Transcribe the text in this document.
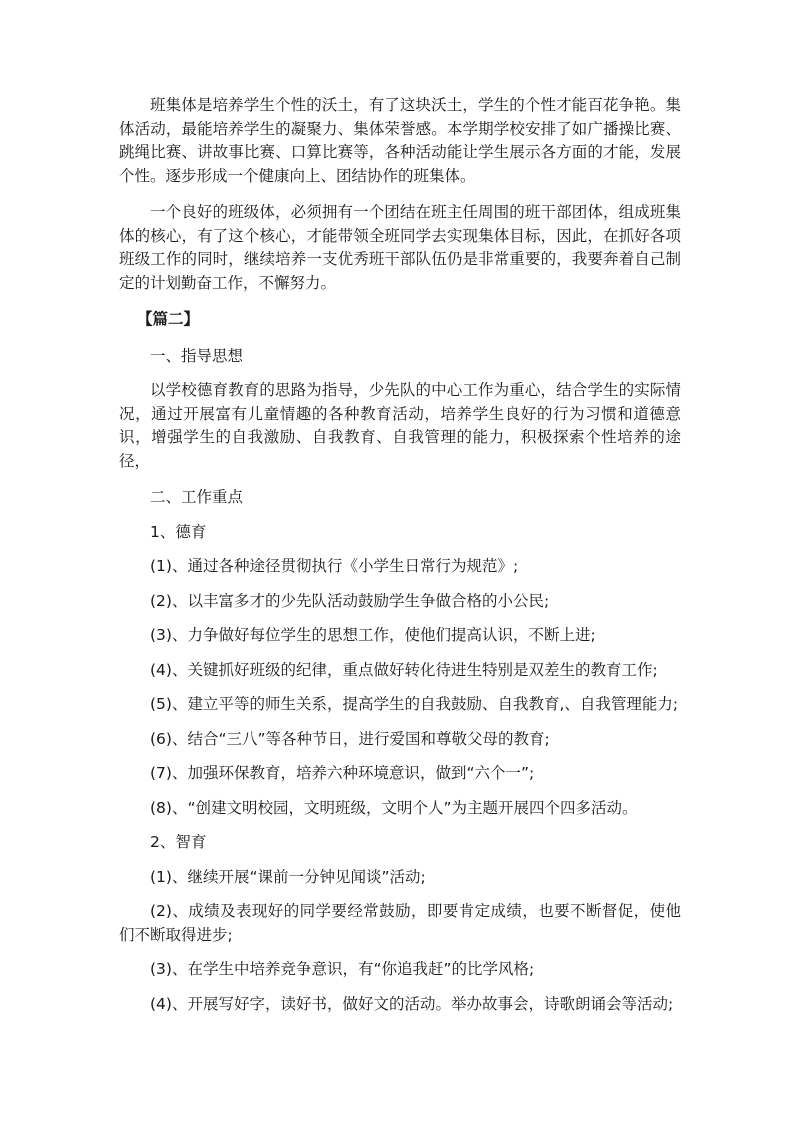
班集体是培养学生个性的沃土，有了这块沃土，学生的个性才能百花争艳。集体活动，最能培养学生的凝聚力、集体荣誉感。本学期学校安排了如广播操比赛、跳绳比赛、讲故事比赛、口算比赛等，各种活动能让学生展示各方面的才能，发展个性。逐步形成一个健康向上、团结协作的班集体。

一个良好的班级体，必须拥有一个团结在班主任周围的班干部团体，组成班集体的核心，有了这个核心，才能带领全班同学去实现集体目标，因此，在抓好各项班级工作的同时，继续培养一支优秀班干部队伍仍是非常重要的，我要奔着自己制定的计划勤奋工作，不懈努力。

【篇二】

一、指导思想

以学校德育教育的思路为指导，少先队的中心工作为重心，结合学生的实际情况，通过开展富有儿童情趣的各种教育活动，培养学生良好的行为习惯和道德意识，增强学生的自我激励、自我教育、自我管理的能力，积极探索个性培养的途径，

二、工作重点

1、德育

(1)、通过各种途径贯彻执行《小学生日常行为规范》;

(2)、以丰富多才的少先队活动鼓励学生争做合格的小公民;

(3)、力争做好每位学生的思想工作，使他们提高认识，不断上进;

(4)、关键抓好班级的纪律，重点做好转化待进生特别是双差生的教育工作;

(5)、建立平等的师生关系，提高学生的自我鼓励、自我教育,、自我管理能力;

(6)、结合“三八”等各种节日，进行爱国和尊敬父母的教育;

(7)、加强环保教育，培养六种环境意识，做到“六个一”;

(8)、“创建文明校园，文明班级，文明个人”为主题开展四个四多活动。

2、智育

(1)、继续开展“课前一分钟见闻谈”活动;

(2)、成绩及表现好的同学要经常鼓励，即要肯定成绩，也要不断督促，使他们不断取得进步;

(3)、在学生中培养竞争意识，有“你追我赶”的比学风格;

(4)、开展写好字，读好书，做好文的活动。举办故事会，诗歌朗诵会等活动;
